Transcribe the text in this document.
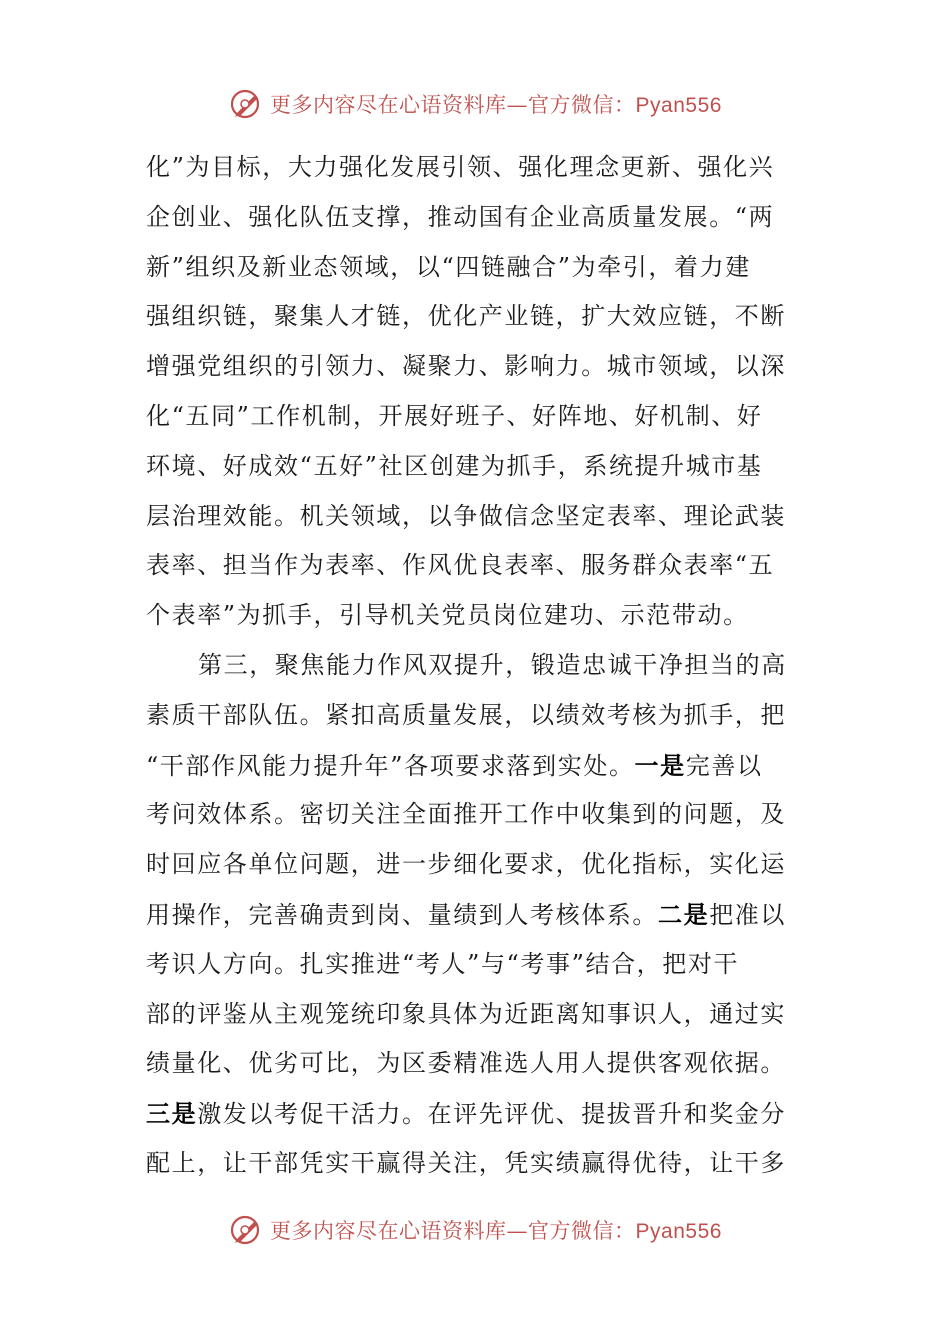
更多内容尽在心语资料库—官方微信：Pyan556
化”为目标，大力强化发展引领、强化理念更新、强化兴
企创业、强化队伍支撑，推动国有企业高质量发展。“两
新”组织及新业态领域，以“四链融合”为牵引，着力建
强组织链，聚集人才链，优化产业链，扩大效应链，不断
增强党组织的引领力、凝聚力、影响力。城市领域，以深
化“五同”工作机制，开展好班子、好阵地、好机制、好
环境、好成效“五好”社区创建为抓手，系统提升城市基
层治理效能。机关领域，以争做信念坚定表率、理论武装
表率、担当作为表率、作风优良表率、服务群众表率“五
个表率”为抓手，引导机关党员岗位建功、示范带动。
第三，聚焦能力作风双提升，锻造忠诚干净担当的高
素质干部队伍。紧扣高质量发展，以绩效考核为抓手，把
“干部作风能力提升年”各项要求落到实处。一是完善以
考问效体系。密切关注全面推开工作中收集到的问题，及
时回应各单位问题，进一步细化要求，优化指标，实化运
用操作，完善确责到岗、量绩到人考核体系。二是把准以
考识人方向。扎实推进“考人”与“考事”结合，把对干
部的评鉴从主观笼统印象具体为近距离知事识人，通过实
绩量化、优劣可比，为区委精准选人用人提供客观依据。
三是激发以考促干活力。在评先评优、提拔晋升和奖金分
配上，让干部凭实干赢得关注，凭实绩赢得优待，让干多
更多内容尽在心语资料库—官方微信：Pyan556
